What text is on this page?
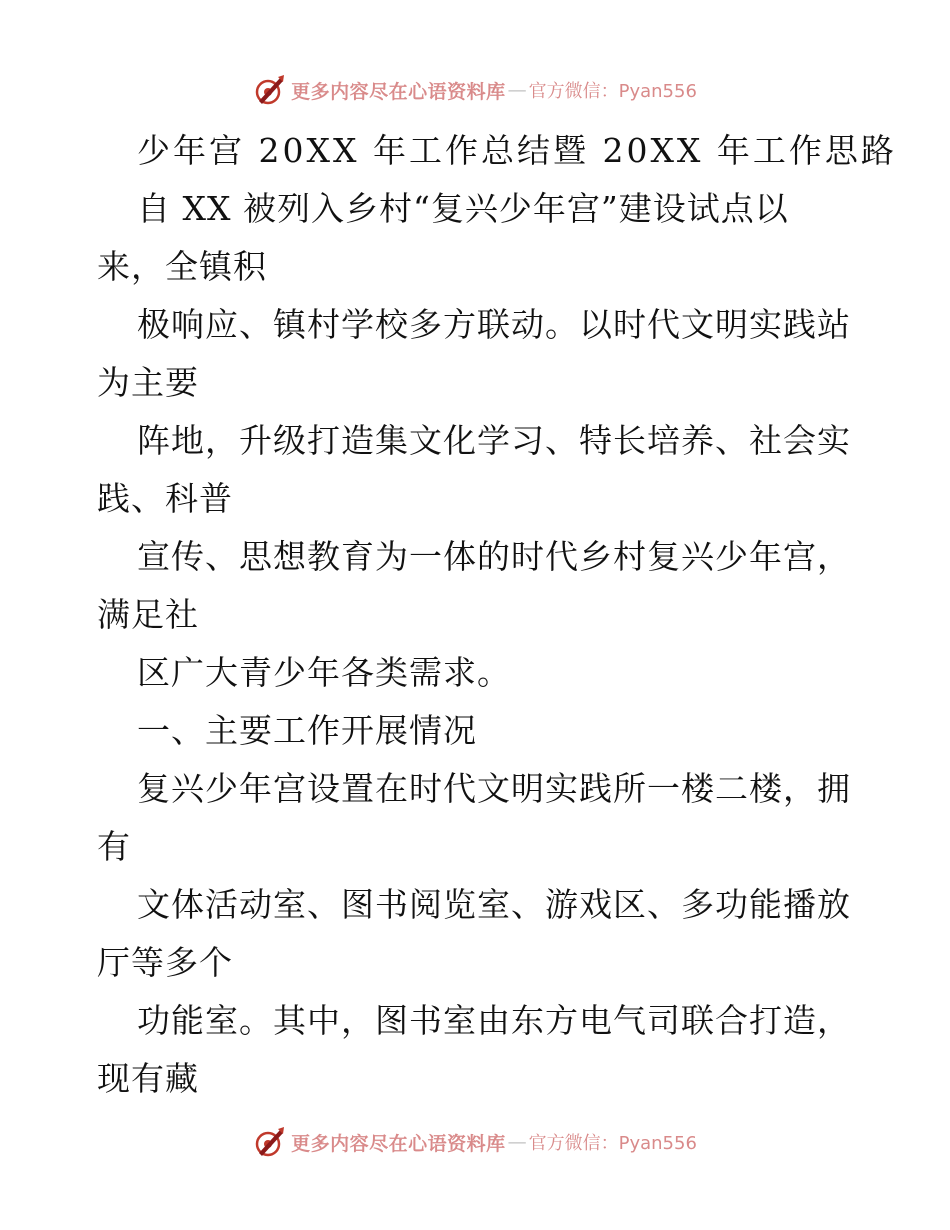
更多内容尽在心语资料库 — 官方微信：Pyan556
少年宫 20XX 年工作总结暨 20XX 年工作思路
自 XX 被列入乡村“复兴少年宫”建设试点以
来，全镇积
极响应、镇村学校多方联动。以时代文明实践站
为主要
阵地，升级打造集文化学习、特长培养、社会实
践、科普
宣传、思想教育为一体的时代乡村复兴少年宫，
满足社
区广大青少年各类需求。
一、主要工作开展情况
复兴少年宫设置在时代文明实践所一楼二楼，拥
有
文体活动室、图书阅览室、游戏区、多功能播放
厅等多个
功能室。其中，图书室由东方电气司联合打造，
现有藏
更多内容尽在心语资料库 — 官方微信：Pyan556
